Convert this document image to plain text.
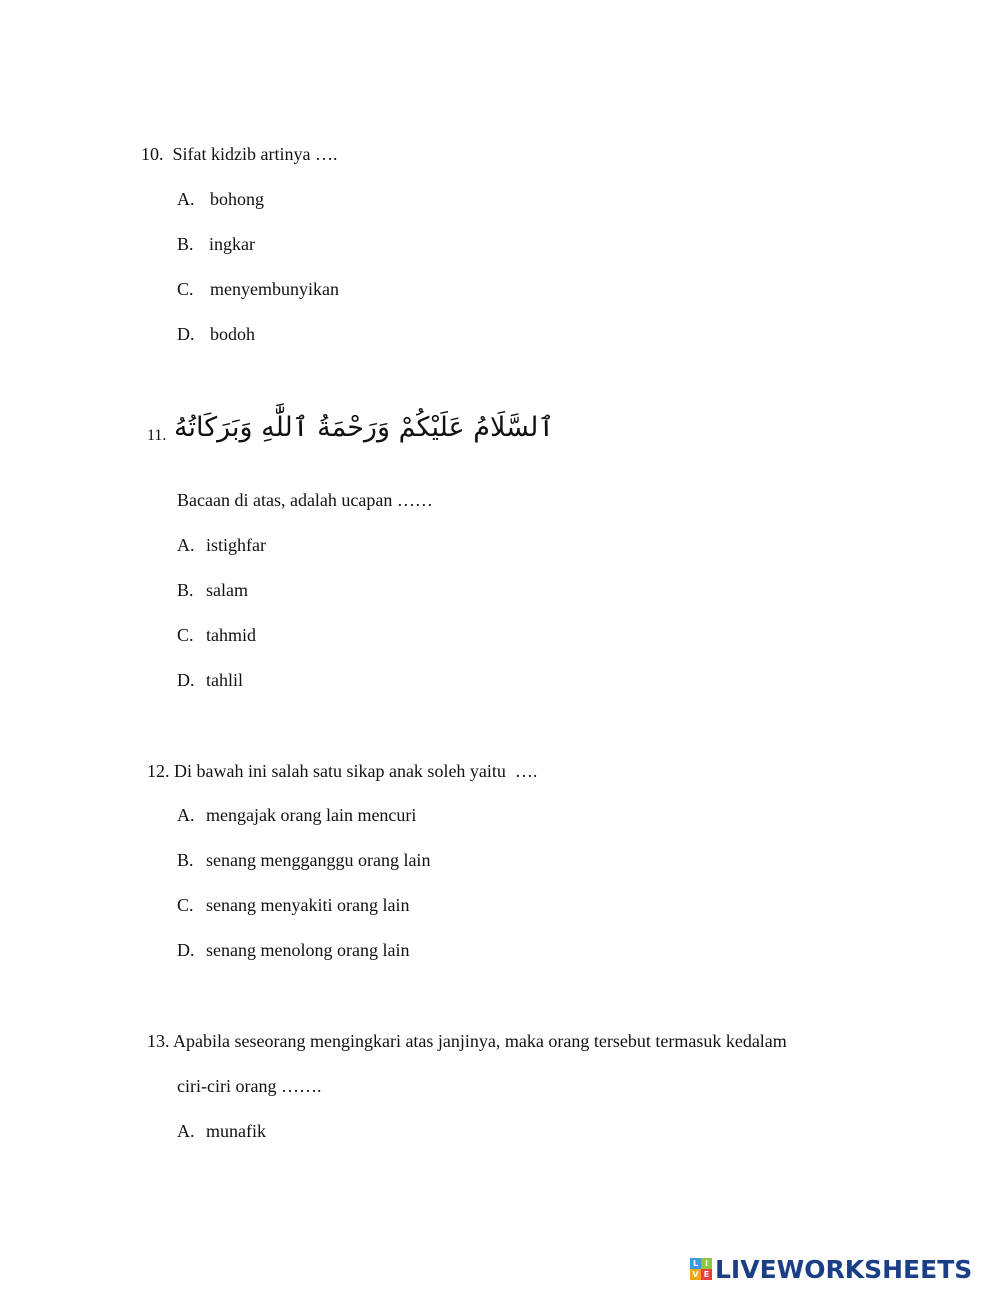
10. Sifat kidzib artinya ….
A. bohong
B. ingkar
C. menyembunyikan
D. bodoh
11. ٱلسَّلَامُ عَلَيْكُمْ وَرَحْمَةُ ٱللَّٰهِ وَبَرَكَاتُهُ
Bacaan di atas, adalah ucapan ……
A. istighfar
B. salam
C. tahmid
D. tahlil
12. Di bawah ini salah satu sikap anak soleh yaitu  ….
A. mengajak orang lain mencuri
B. senang mengganggu orang lain
C. senang menyakiti orang lain
D. senang menolong orang lain
13. Apabila seseorang mengingkari atas janjinya, maka orang tersebut termasuk kedalam
ciri-ciri orang …….
A. munafik
L I
V E LIVEWORKSHEETS
